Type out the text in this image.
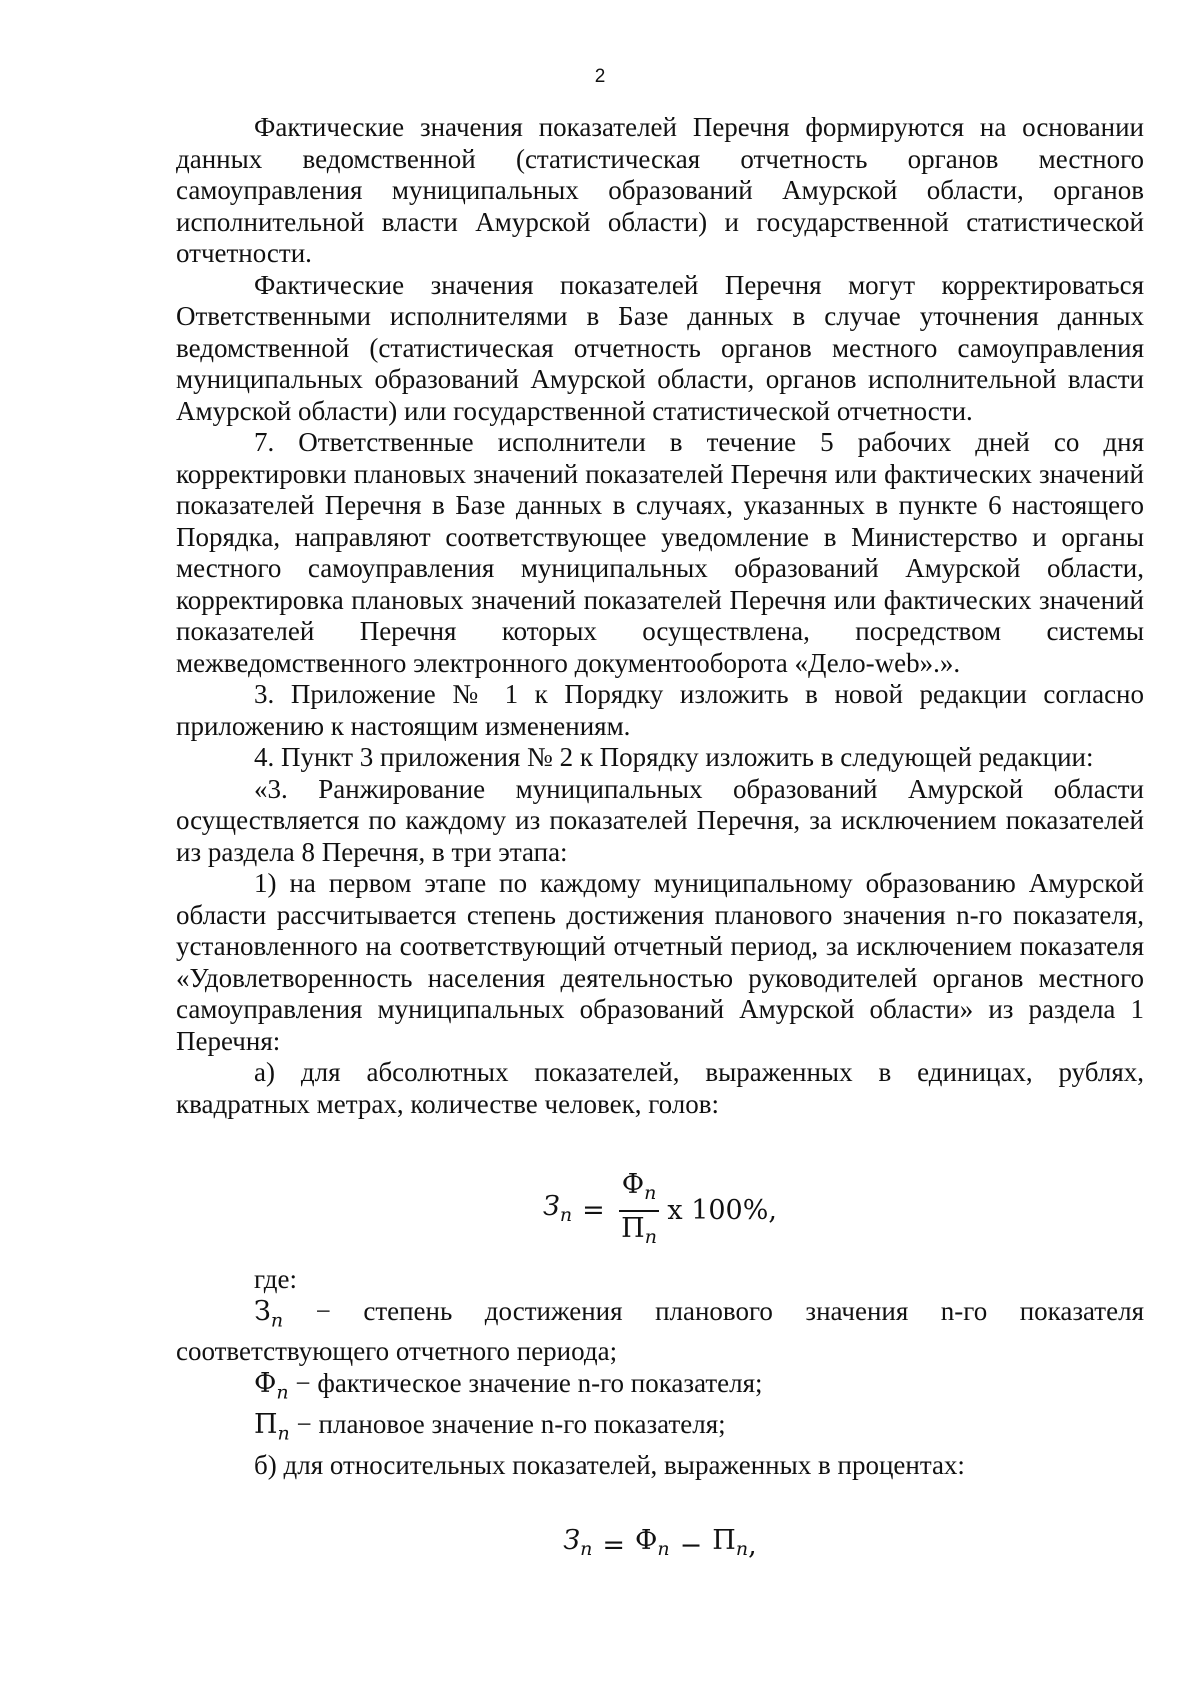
2

Фактические значения показателей Перечня формируются на основании данных ведомственной (статистическая отчетность органов местного самоуправления муниципальных образований Амурской области, органов исполнительной власти Амурской области) и государственной статистической отчетности.

Фактические значения показателей Перечня могут корректироваться Ответственными исполнителями в Базе данных в случае уточнения данных ведомственной (статистическая отчетность органов местного самоуправления муниципальных образований Амурской области, органов исполнительной власти Амурской области) или государственной статистической отчетности.

7. Ответственные исполнители в течение 5 рабочих дней со дня корректировки плановых значений показателей Перечня или фактических значений показателей Перечня в Базе данных в случаях, указанных в пункте 6 настоящего Порядка, направляют соответствующее уведомление в Министерство и органы местного самоуправления муниципальных образований Амурской области, корректировка плановых значений показателей Перечня или фактических значений показателей Перечня которых осуществлена, посредством системы межведомственного электронного документооборота «Дело-web».».

3. Приложение № 1 к Порядку изложить в новой редакции согласно приложению к настоящим изменениям.

4. Пункт 3 приложения № 2 к Порядку изложить в следующей редакции:

«3. Ранжирование муниципальных образований Амурской области осуществляется по каждому из показателей Перечня, за исключением показателей из раздела 8 Перечня, в три этапа:

1) на первом этапе по каждому муниципальному образованию Амурской области рассчитывается степень достижения планового значения n-го показателя, установленного на соответствующий отчетный период, за исключением показателя «Удовлетворенность населения деятельностью руководителей органов местного самоуправления муниципальных образований Амурской области» из раздела 1 Перечня:

а) для абсолютных показателей, выраженных в единицах, рублях, квадратных метрах, количестве человек, голов:

$З_n = \frac{Ф_n}{П_n}$ x 100%,

где:

$З_n$ − степень достижения планового значения n-го показателя соответствующего отчетного периода;

$Ф_n$ − фактическое значение n-го показателя;

$П_n$ − плановое значение n-го показателя;

б) для относительных показателей, выраженных в процентах:

$З_n = Ф_n - П_n$ ,
